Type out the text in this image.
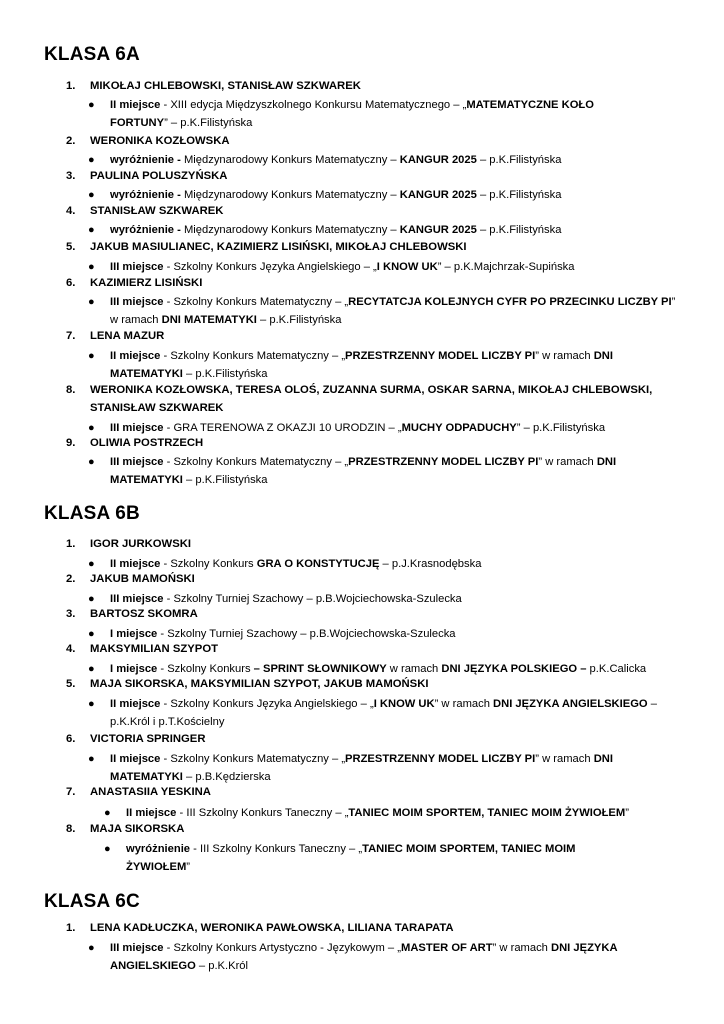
KLASA 6A
1. MIKOŁAJ CHLEBOWSKI, STANISŁAW SZKWAREK
● II miejsce - XIII edycja Międzyszkolnego Konkursu Matematycznego – „MATEMATYCZNE KOŁO FORTUNY” – p.K.Filistyńska
2. WERONIKA KOZŁOWSKA
● wyróżnienie - Międzynarodowy Konkurs Matematyczny – KANGUR 2025 – p.K.Filistyńska
3. PAULINA POLUSZYŃSKA
● wyróżnienie - Międzynarodowy Konkurs Matematyczny – KANGUR 2025 – p.K.Filistyńska
4. STANISŁAW SZKWAREK
● wyróżnienie - Międzynarodowy Konkurs Matematyczny – KANGUR 2025 – p.K.Filistyńska
5. JAKUB MASIULIANEC, KAZIMIERZ LISIŃSKI, MIKOŁAJ CHLEBOWSKI
● III miejsce - Szkolny Konkurs Języka Angielskiego – „I KNOW UK” – p.K.Majchrzak-Supińska
6. KAZIMIERZ LISIŃSKI
● III miejsce - Szkolny Konkurs Matematyczny – „RECYTATCJA KOLEJNYCH CYFR PO PRZECINKU LICZBY PI” w ramach DNI MATEMATYKI – p.K.Filistyńska
7. LENA MAZUR
● II miejsce - Szkolny Konkurs Matematyczny – „PRZESTRZENNY MODEL LICZBY PI” w ramach DNI MATEMATYKI – p.K.Filistyńska
8. WERONIKA KOZŁOWSKA, TERESA OLOŚ, ZUZANNA SURMA, OSKAR SARNA, MIKOŁAJ CHLEBOWSKI,
STANISŁAW SZKWAREK
● III miejsce - GRA TERENOWA Z OKAZJI 10 URODZIN – „MUCHY ODPADUCHY” – p.K.Filistyńska
9. OLIWIA POSTRZECH
● III miejsce - Szkolny Konkurs Matematyczny – „PRZESTRZENNY MODEL LICZBY PI” w ramach DNI MATEMATYKI – p.K.Filistyńska
KLASA 6B
1. IGOR JURKOWSKI
● II miejsce - Szkolny Konkurs GRA O KONSTYTUCJĘ – p.J.Krasnodębska
2. JAKUB MAMOŃSKI
● III miejsce - Szkolny Turniej Szachowy – p.B.Wojciechowska-Szulecka
3. BARTOSZ SKOMRA
● I miejsce - Szkolny Turniej Szachowy – p.B.Wojciechowska-Szulecka
4. MAKSYMILIAN SZYPOT
● I miejsce - Szkolny Konkurs – SPRINT SŁOWNIKOWY w ramach DNI JĘZYKA POLSKIEGO – p.K.Calicka
5. MAJA SIKORSKA, MAKSYMILIAN SZYPOT, JAKUB MAMOŃSKI
● II miejsce - Szkolny Konkurs Języka Angielskiego – „I KNOW UK” w ramach DNI JĘZYKA ANGIELSKIEGO – p.K.Król i p.T.Kościelny
6. VICTORIA SPRINGER
● II miejsce - Szkolny Konkurs Matematyczny – „PRZESTRZENNY MODEL LICZBY PI” w ramach DNI MATEMATYKI – p.B.Kędzierska
7. ANASTASIIA YESKINA
● II miejsce - III Szkolny Konkurs Taneczny – „TANIEC MOIM SPORTEM, TANIEC MOIM ŻYWIOŁEM”
8. MAJA SIKORSKA
● wyróżnienie - III Szkolny Konkurs Taneczny – „TANIEC MOIM SPORTEM, TANIEC MOIM ŻYWIOŁEM”
KLASA 6C
1. LENA KADŁUCZKA, WERONIKA PAWŁOWSKA, LILIANA TARAPATA
● III miejsce - Szkolny Konkurs Artystyczno - Językowym – „MASTER OF ART” w ramach DNI JĘZYKA ANGIELSKIEGO – p.K.Król
